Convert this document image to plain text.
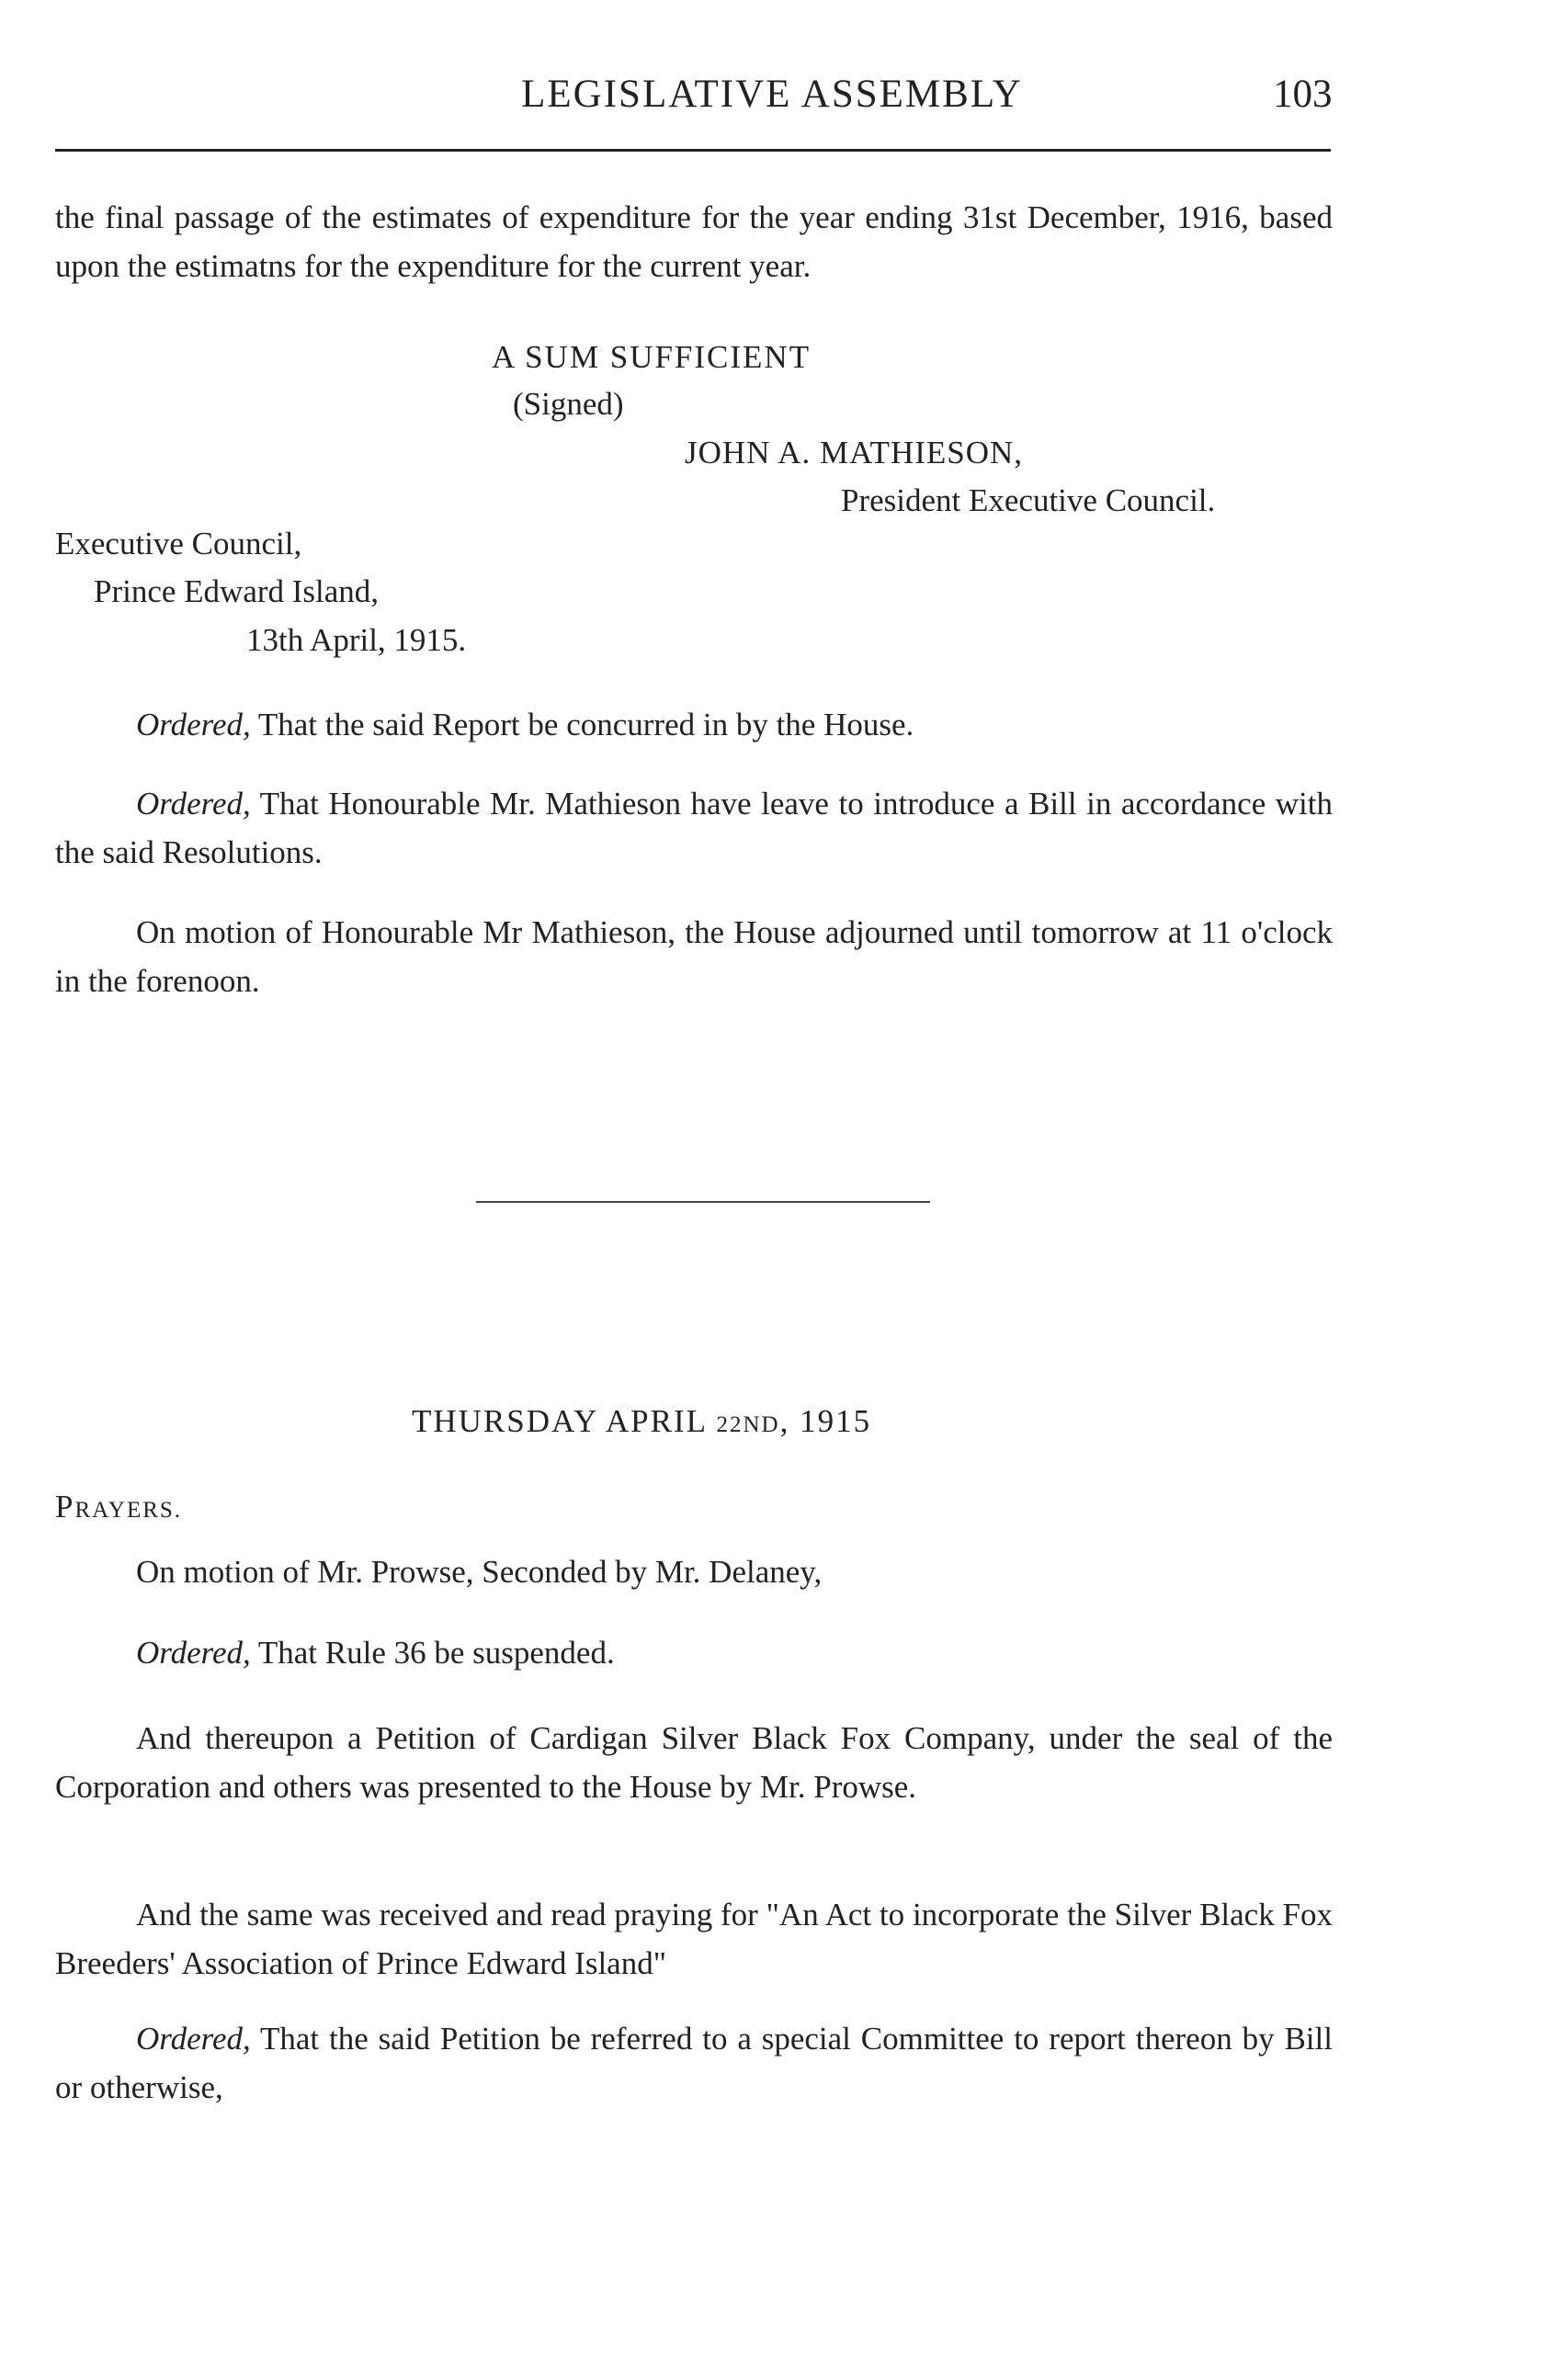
LEGISLATIVE ASSEMBLY	103

the final passage of the estimates of expenditure for the year ending 31st December, 1916, based upon the estimatns for the expenditure for the current year.

A SUM SUFFICIENT
(Signed)
JOHN A. MATHIESON,
President Executive Council.
Executive Council,
Prince Edward Island,
13th April, 1915.

Ordered, That the said Report be concurred in by the House.

Ordered, That Honourable Mr. Mathieson have leave to introduce a Bill in accordance with the said Resolutions.

On motion of Honourable Mr Mathieson, the House adjourned until tomorrow at 11 o'clock in the forenoon.

THURSDAY APRIL 22ND, 1915
PRAYERS.
On motion of Mr. Prowse, Seconded by Mr. Delaney,
Ordered, That Rule 36 be suspended.

And thereupon a Petition of Cardigan Silver Black Fox Company, under the seal of the Corporation and others was presented to the House by Mr. Prowse.

And the same was received and read praying for "An Act to incorporate the Silver Black Fox Breeders' Association of Prince Edward Island"

Ordered, That the said Petition be referred to a special Committee to report thereon by Bill or otherwise,
